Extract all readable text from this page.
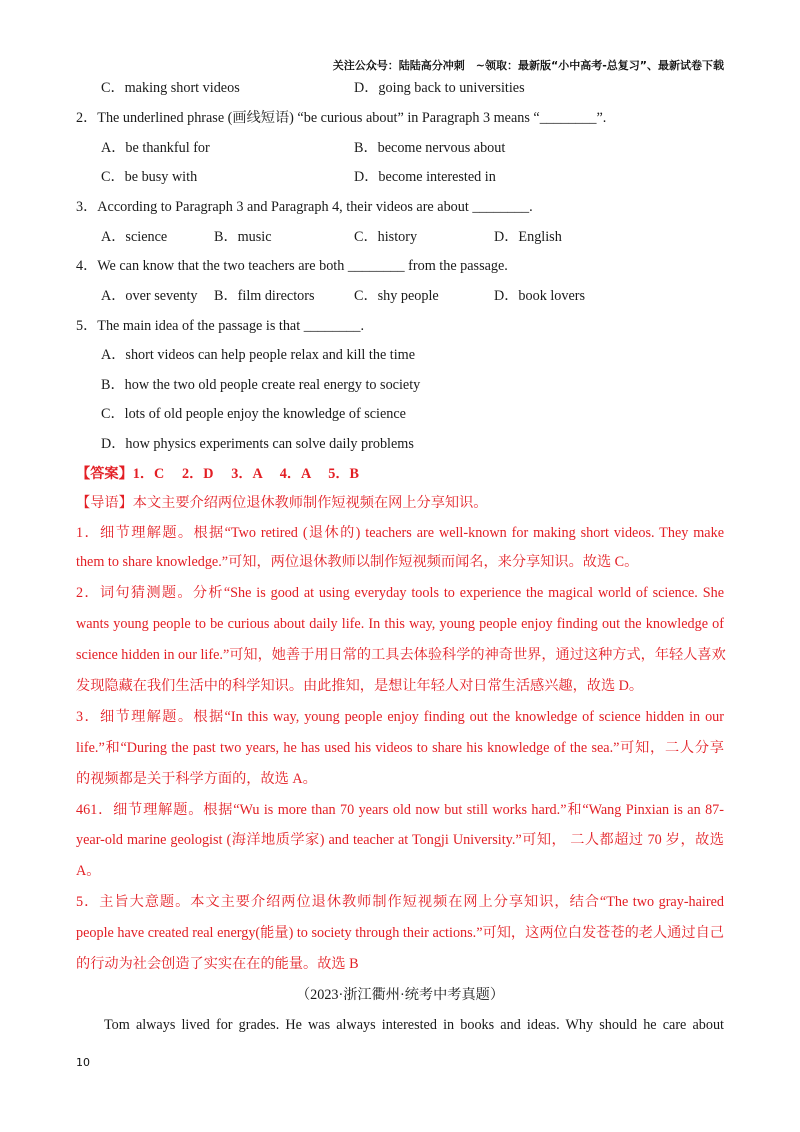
关注公众号：陆陆高分冲刺　~领取：最新版“小中高考-总复习”、最新试卷下载
C．making short videos	D．going back to universities
2．The underlined phrase (画线短语) “be curious about” in Paragraph 3 means “________”.
A．be thankful for	B．become nervous about
C．be busy with	D．become interested in
3．According to Paragraph 3 and Paragraph 4, their videos are about ________.
A．science	B．music	C．history	D．English
4．We can know that the two teachers are both ________ from the passage.
A．over seventy B．film directors	C．shy people	D．book lovers
5．The main idea of the passage is that ________.
A．short videos can help people relax and kill the time
B．how the two old people create real energy to society
C．lots of old people enjoy the knowledge of science
D．how physics experiments can solve daily problems
【答案】1．C　 2．D　 3．A　 4．A　 5．B
【导语】本文主要介绍两位退休教师制作短视频在网上分享知识。
1．细节理解题。根据“Two retired (退休的) teachers are well-known for making short videos. They make
them to share knowledge.”可知，两位退休教师以制作短视频而闻名，来分享知识。故选 C。
2．词句猜测题。分析“She is good at using everyday tools to experience the magical world of science. She
wants young people to be curious about daily life. In this way, young people enjoy finding out the knowledge of
science hidden in our life.”可知，她善于用日常的工具去体验科学的神奇世界，通过这种方式，年轻人喜欢
发现隐藏在我们生活中的科学知识。由此推知，是想让年轻人对日常生活感兴趣，故选 D。
3．细节理解题。根据“In this way, young people enjoy finding out the knowledge of science hidden in our
life.”和“During the past two years, he has used his videos to share his knowledge of the sea.”可知，二人分享
的视频都是关于科学方面的，故选 A。
461．细节理解题。根据“Wu is more than 70 years old now but still works hard.”和“Wang Pinxian is an 87-
year-old marine geologist (海洋地质学家) and teacher at Tongji University.”可知， 二人都超过 70 岁，故选
A。
5．主旨大意题。本文主要介绍两位退休教师制作短视频在网上分享知识，结合“The two gray-haired
people have created real energy(能量) to society through their actions.”可知，这两位白发苍苍的老人通过自己
的行动为社会创造了实实在在的能量。故选 B
（2023·浙江衢州·统考中考真题）
Tom always lived for grades. He was always interested in books and ideas. Why should he care about
10
